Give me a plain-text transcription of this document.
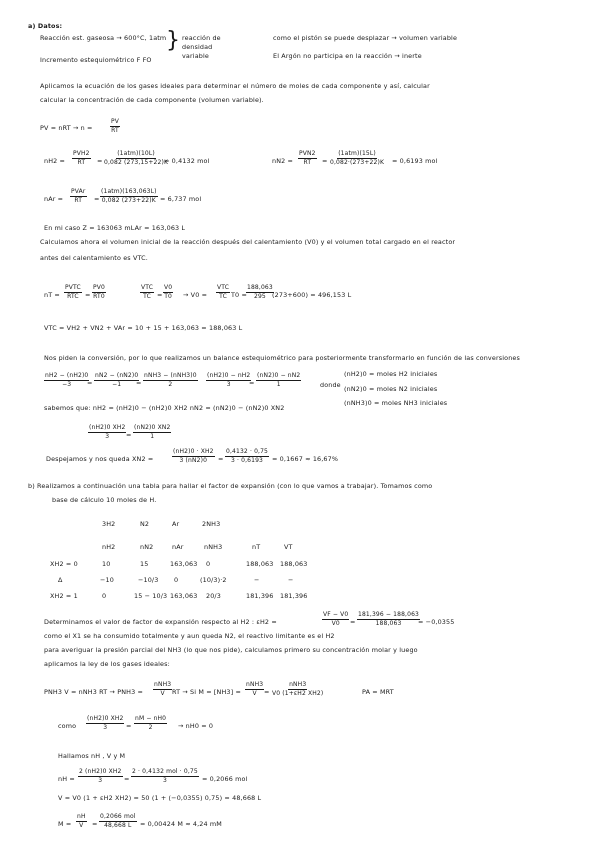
a) Datos:
Reacción est. gaseosa → 600°C, 1atm
Incremento estequiométrico F FO
} reacción de densidad variable
como el pistón se puede desplazar → volumen variable
El Argón no participa en la reacción → inerte
Aplicamos la ecuación de los gases ideales para determinar el número de moles de cada componente y así, calcular
calcular la concentración de cada componente (volumen variable).
PV = nRT → n =	$\frac{PV}{RT}$
nH2 =
PVH2
RT =
(1atm)(10L)
0,082 (273,15+22)K
= 0,4132 mol	nN2 =
PVN2
RT =
(1atm)(15L)
0,082·(273+22)K = 0,6193 mol
nAr =
PVAr
RT =
(1atm)(163,063L)
0,082 (273+22)K = 6,737 mol
En mi caso Z = 163063 mLAr = 163,063 L
Calculamos ahora el volumen inicial de la reacción después del calentamiento (V0) y el volumen total cargado en el reactor
antes del calentamiento es VTC.
nT =
PVTC
RTC = $\frac{PV0}{RT0}$	VTC
TC = $\frac{V0}{T0} \to V0$ =
VTC
TC $T0 = \frac{188,063}{295}$
(273+600) = 496,153 L
VTC = VH2 + VN2 + VAr = 10 + 15 + 163,063 = 188,063 L
Nos piden la conversión, por lo que realizamos un balance estequiométrico para posteriormente transformarlo en función de las conversiones
$\frac{nH2 - (nH2)0}{-3}$
= $\frac{nN2 - (nN2)0}{-1}$
=
nNH3 − (nNH3)0
2	$\frac{(nH2)0 - nH2}{3}$
= $\frac{(nN2)0 - nN2}{1}$	donde
(nH2)0 = moles H2 iniciales
(nN2)0 = moles N2 iniciales
(nNH3)0 = moles NH3 iniciales
sabemos que: nH2 = (nH2)0 − (nH2)0 XH2 nN2 = (nN2)0 − (nN2)0 XN2
$\frac{(nH2)0 XH2}{3} = \frac{(nN2)0 XN2}{1}$
Despejamos y nos queda XN2 =	$\frac{(nH2)0 \cdot XH2}{3 (nN2)0} = \frac{0,4132 \cdot 0,75}{3 \cdot 0,6193} = 0,1667 \approx 16,67\%$
b) Realizamos a continuación una tabla para hallar el factor de expansión (con lo que vamos a trabajar). Tomamos como
base de cálculo 10 moles de H.
3H2	N2	Ar	2NH3
nH2	nN2	nAr	nNH3	nT	VT
XH2 = 0	10	15	163,063 0	188,063 188,063
Δ	−10	−10/3 0	(10/3)·2	−	−
XH2 = 1	0	15 − 10/3 163,063 20/3	181,396 181,396
Determinamos el valor de factor de expansión respecto al H2 : εH2 =	$\frac{VF - V0}{V0} = \frac{181,396 - 188,063}{188,063}$
= −0,0355
como el X1 se ha consumido totalmente y aun queda N2, el reactivo limitante es el H2
para averiguar la presión parcial del NH3 (lo que nos pide), calculamos primero su concentración molar y luego
aplicamos la ley de los gases ideales:
PNH3 V = nNH3 RT → PNH3 =
nNH3
V RT → Si M = [NH3] =
nNH3
V =
nNH3
V0 (1+εH2 XH2)	PA = MRT
como $\frac{(nH2)0 XH2}{3} = \frac{nM - nH0}{2} \to nH0 = 0$
Hallamos nH , V y M
nH = $\frac{2 (nH2)0 XH2}{3}$ =
2 · 0,4132 mol · 0,75
3	= 0,2066 mol
V = V0 (1 + εH2 XH2) = 50 (1 + (−0,0355) 0,75) = 48,668 L
$M = \frac{nH}{V}$ =
0,2066 mol
48,668 L = 0,00424 M ≈ 4,24 mM
